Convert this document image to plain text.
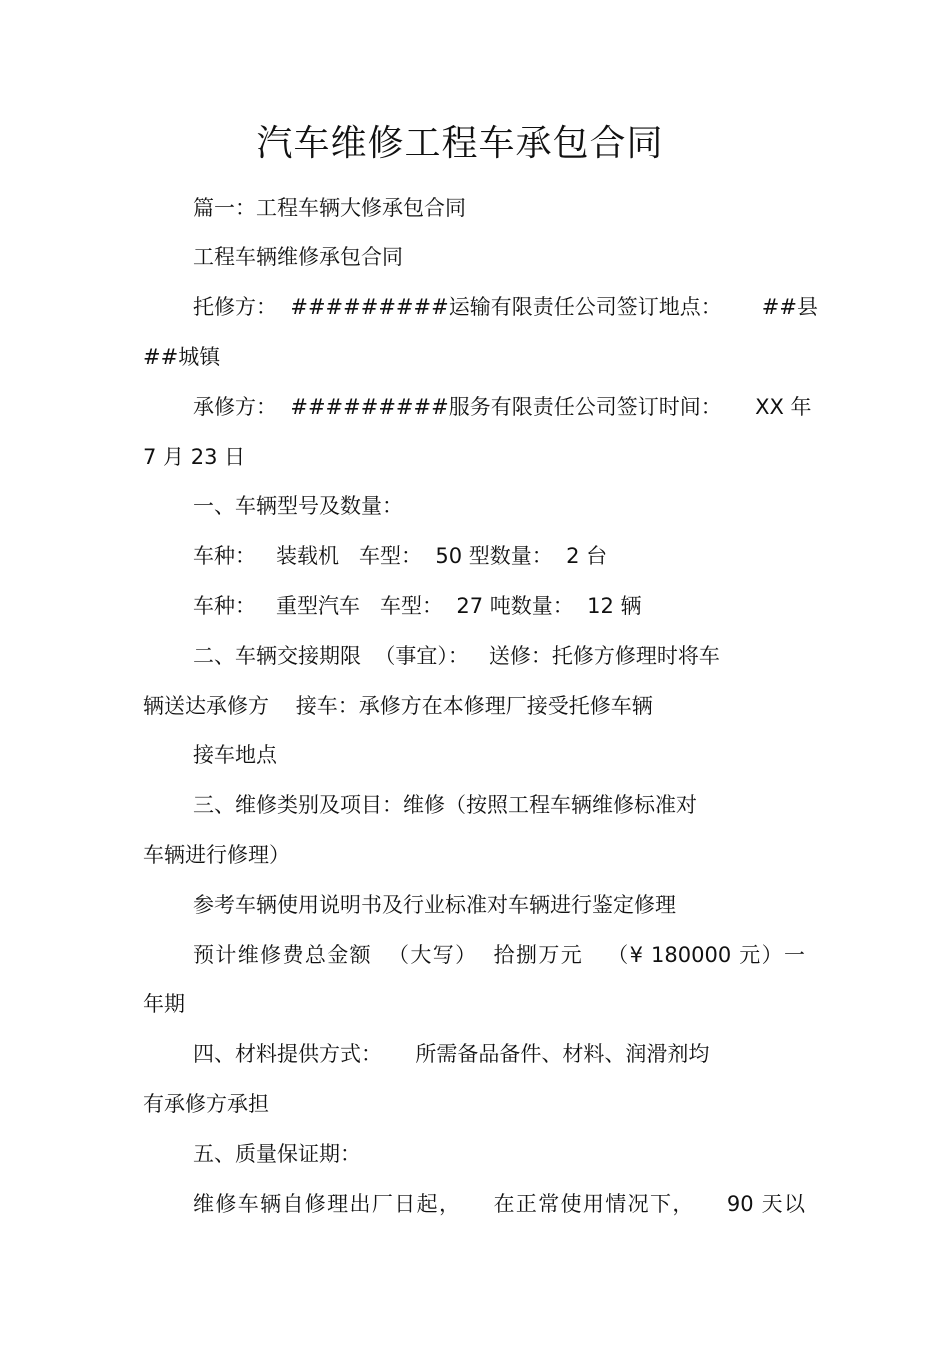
汽车维修工程车承包合同
篇一：工程车辆大修承包合同
工程车辆维修承包合同
托修方：  #########运输有限责任公司签订地点：      ##县
##城镇
承修方：  #########服务有限责任公司签订时间：     XX 年
7 月 23 日
一、车辆型号及数量：
车种：   装载机   车型：  50 型数量：  2 台
车种：   重型汽车   车型：  27 吨数量：  12 辆
二、车辆交接期限  （事宜）：   送修：托修方修理时将车
辆送达承修方    接车：承修方在本修理厂接受托修车辆
接车地点
三、维修类别及项目：维修（按照工程车辆维修标准对
车辆进行修理）
参考车辆使用说明书及行业标准对车辆进行鉴定修理
预计维修费总金额  （大写）  拾捌万元   （¥ 180000 元）一
年期
四、材料提供方式：     所需备品备件、材料、润滑剂均
有承修方承担
五、质量保证期：
维修车辆自修理出厂日起，    在正常使用情况下，    90 天以
